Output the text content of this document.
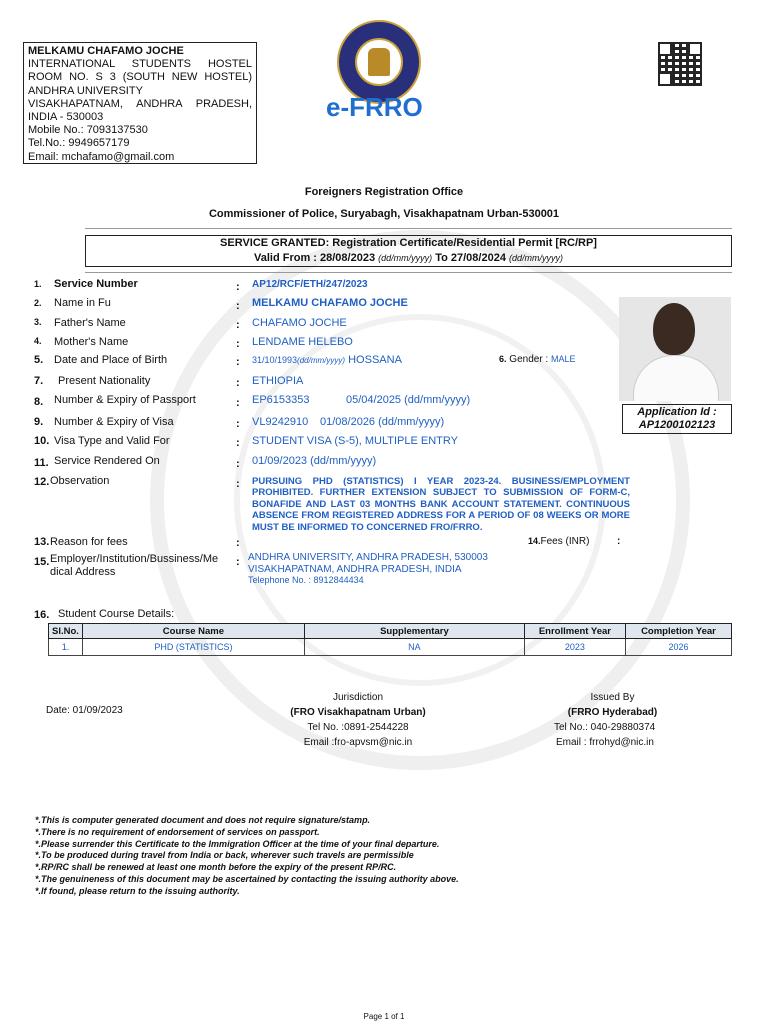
MELKAMU CHAFAMO JOCHE
INTERNATIONAL STUDENTS HOSTEL
ROOM NO. S 3 (SOUTH NEW HOSTEL)
ANDHRA UNIVERSITY
VISAKHAPATNAM, ANDHRA PRADESH,
INDIA - 530003
Mobile No.: 7093137530
Tel.No.: 9949657179
Email: mchafamo@gmail.com
e-FRRO
Foreigners Registration Office
Commissioner of Police, Suryabagh, Visakhapatnam Urban-530001
SERVICE GRANTED: Registration Certificate/Residential Permit [RC/RP]
Valid From : 28/08/2023 (dd/mm/yyyy) To 27/08/2024 (dd/mm/yyyy)
1. Service Number	: AP12/RCF/ETH/247/2023
2. Name in Fu	: MELKAMU CHAFAMO JOCHE
3. Father's Name	: CHAFAMO JOCHE
4. Mother's Name	: LENDAME HELEBO
5. Date and Place of Birth	: 31/10/1993(dd/mm/yyyy) HOSSANA	6. Gender : MALE
7. Present Nationality	: ETHIOPIA
8. Number & Expiry of Passport	: EP6153353	05/04/2025 (dd/mm/yyyy)
9. Number & Expiry of Visa	: VL9242910 01/08/2026 (dd/mm/yyyy)
Application Id :
AP1200102123
10. Visa Type and Valid For	: STUDENT VISA (S-5), MULTIPLE ENTRY
11. Service Rendered On	: 01/09/2023 (dd/mm/yyyy)
12. Observation	: PURSUING PHD (STATISTICS) I YEAR 2023-24. BUSINESS/EMPLOYMENT PROHIBITED. FURTHER EXTENSION SUBJECT TO SUBMISSION OF FORM-C, BONAFIDE AND LAST 03 MONTHS BANK ACCOUNT STATEMENT. CONTINUOUS ABSENCE FROM REGISTERED ADDRESS FOR A PERIOD OF 08 WEEKS OR MORE MUST BE INFORMED TO CONCERNED FRO/FRRO.
13. Reason for fees	:	14.Fees (INR)	:
15. Employer/Institution/Bussiness/Me
dical Address
: ANDHRA UNIVERSITY, ANDHRA PRADESH, 530003
VISAKHAPATNAM, ANDHRA PRADESH, INDIA
Telephone No. : 8912844434
16. Student Course Details:
Sl.No.	Course Name	Supplementary	Enrollment Year	Completion Year
1.	PHD (STATISTICS)	NA	2023	2026
Date: 01/09/2023
Jurisdiction
(FRO Visakhapatnam Urban)
Tel No. :0891-2544228
Email :fro-apvsm@nic.in
Issued By
(FRRO Hyderabad)
Tel No.: 040-29880374
Email : frrohyd@nic.in
*.This is computer generated document and does not require signature/stamp.
*.There is no requirement of endorsement of services on passport.
*.Please surrender this Certificate to the Immigration Officer at the time of your final departure.
*.To be produced during travel from India or back, wherever such travels are permissible
*.RP/RC shall be renewed at least one month before the expiry of the present RP/RC.
*.The genuineness of this document may be ascertained by contacting the issuing authority above.
*.If found, please return to the issuing authority.
Page 1 of 1
